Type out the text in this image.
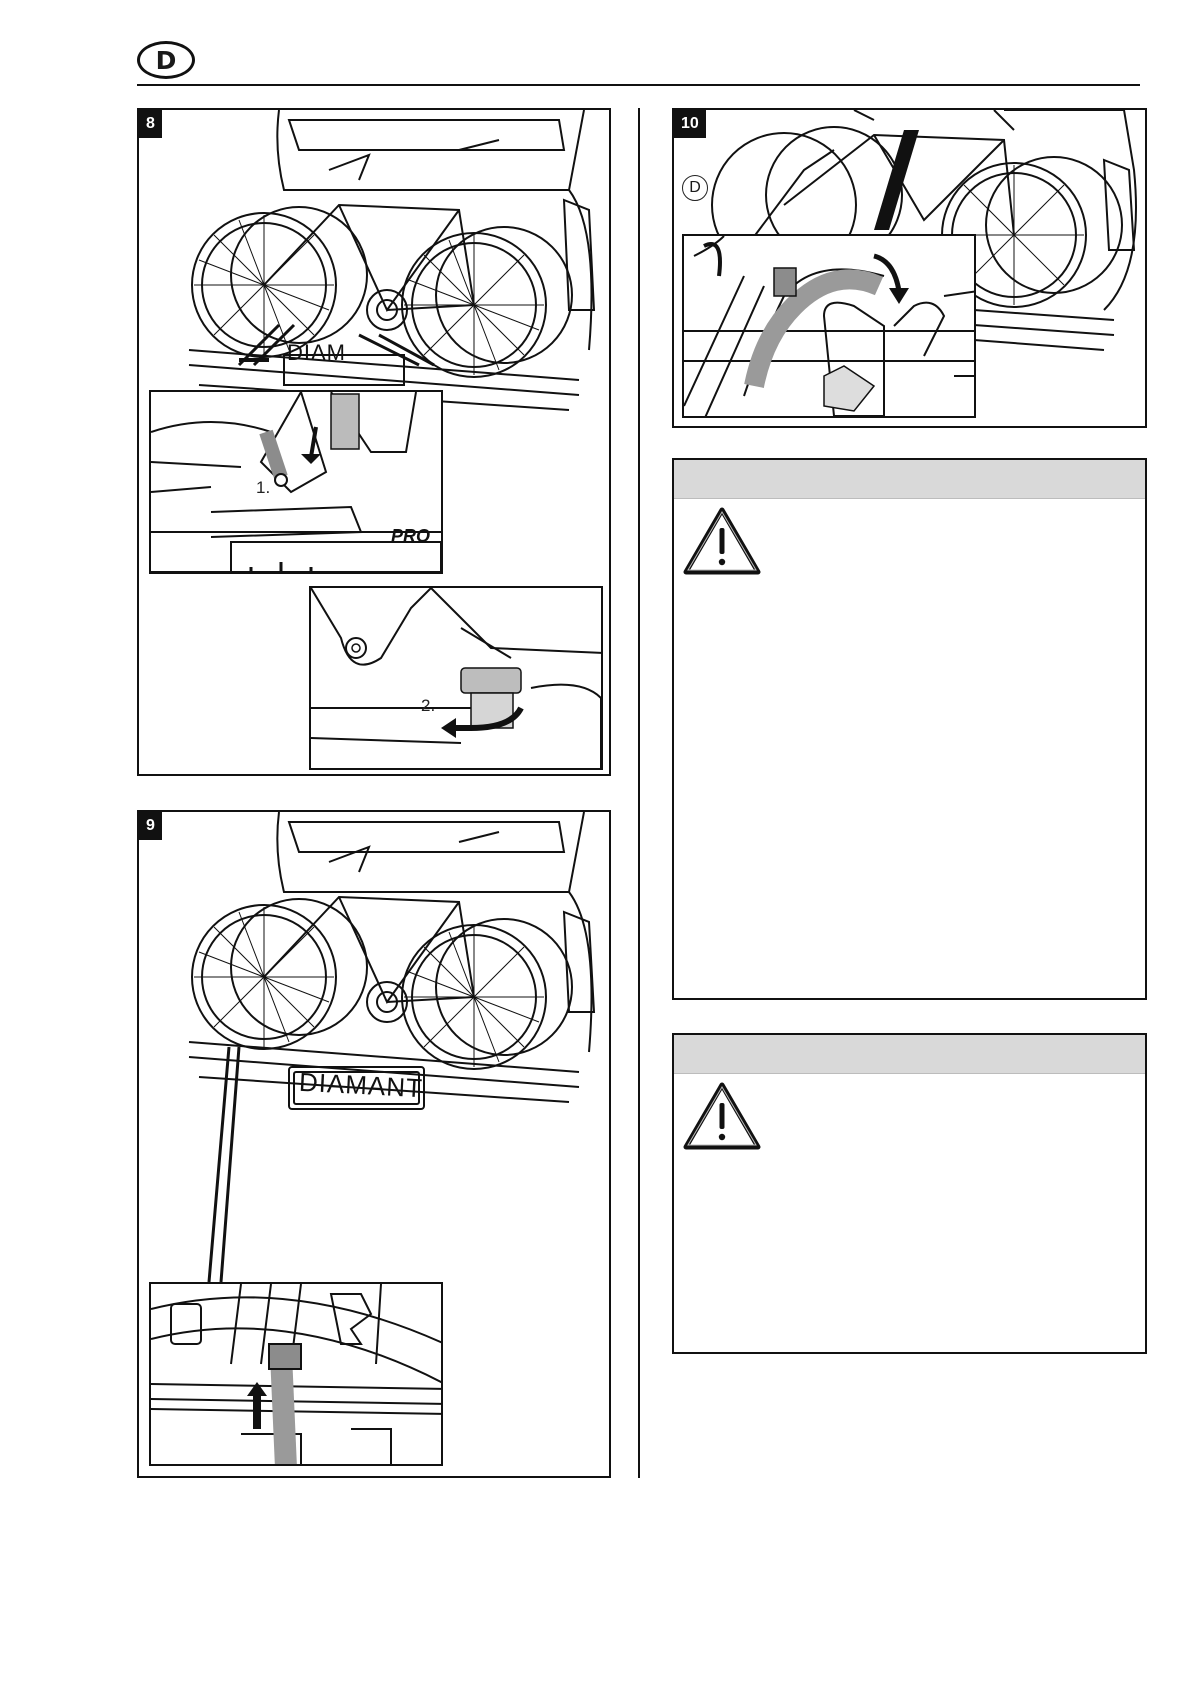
D
8
DIAM
PRO
1.
2.
9
DIAMANT
10
D
